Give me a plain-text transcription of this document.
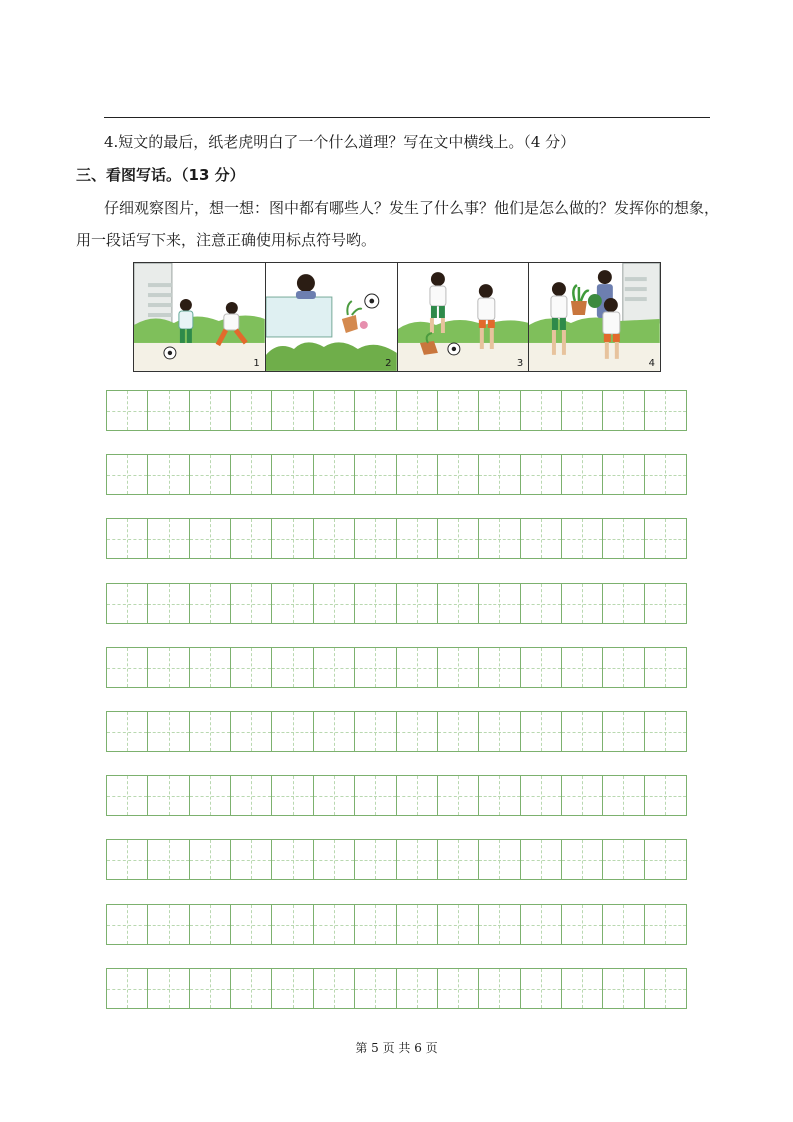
4.短文的最后，纸老虎明白了一个什么道理？写在文中横线上。（4 分）
三、看图写话。（13 分）
仔细观察图片，想一想：图中都有哪些人？发生了什么事？他们是怎么做的？发挥你的想象，用一段话写下来，注意正确使用标点符号哟。
1	2	3	4
第 5 页 共 6 页
